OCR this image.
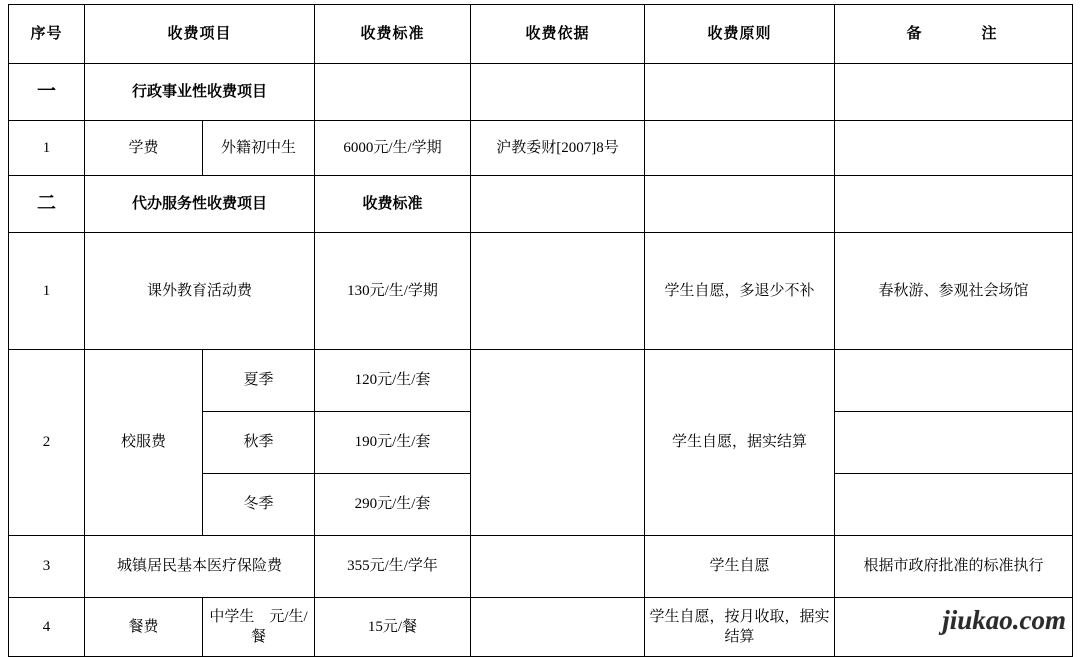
序号	收费项目		收费标准	收费依据	收费原则	备　　注
一	行政事业性收费项目					
1	学费	外籍初中生	6000元/生/学期	沪教委财[2007]8号		
二	代办服务性收费项目		收费标准			
1	课外教育活动费		130元/生/学期		学生自愿，多退少不补	春秋游、参观社会场馆
2	校服费	夏季	120元/生/套		学生自愿，据实结算	
		秋季	190元/生/套			
		冬季	290元/生/套			
3	城镇居民基本医疗保险费		355元/生/学年		学生自愿	根据市政府批准的标准执行
4	餐费	中学生　元/生/餐	15元/餐		学生自愿，按月收取，据实结算	
jiukao.com
